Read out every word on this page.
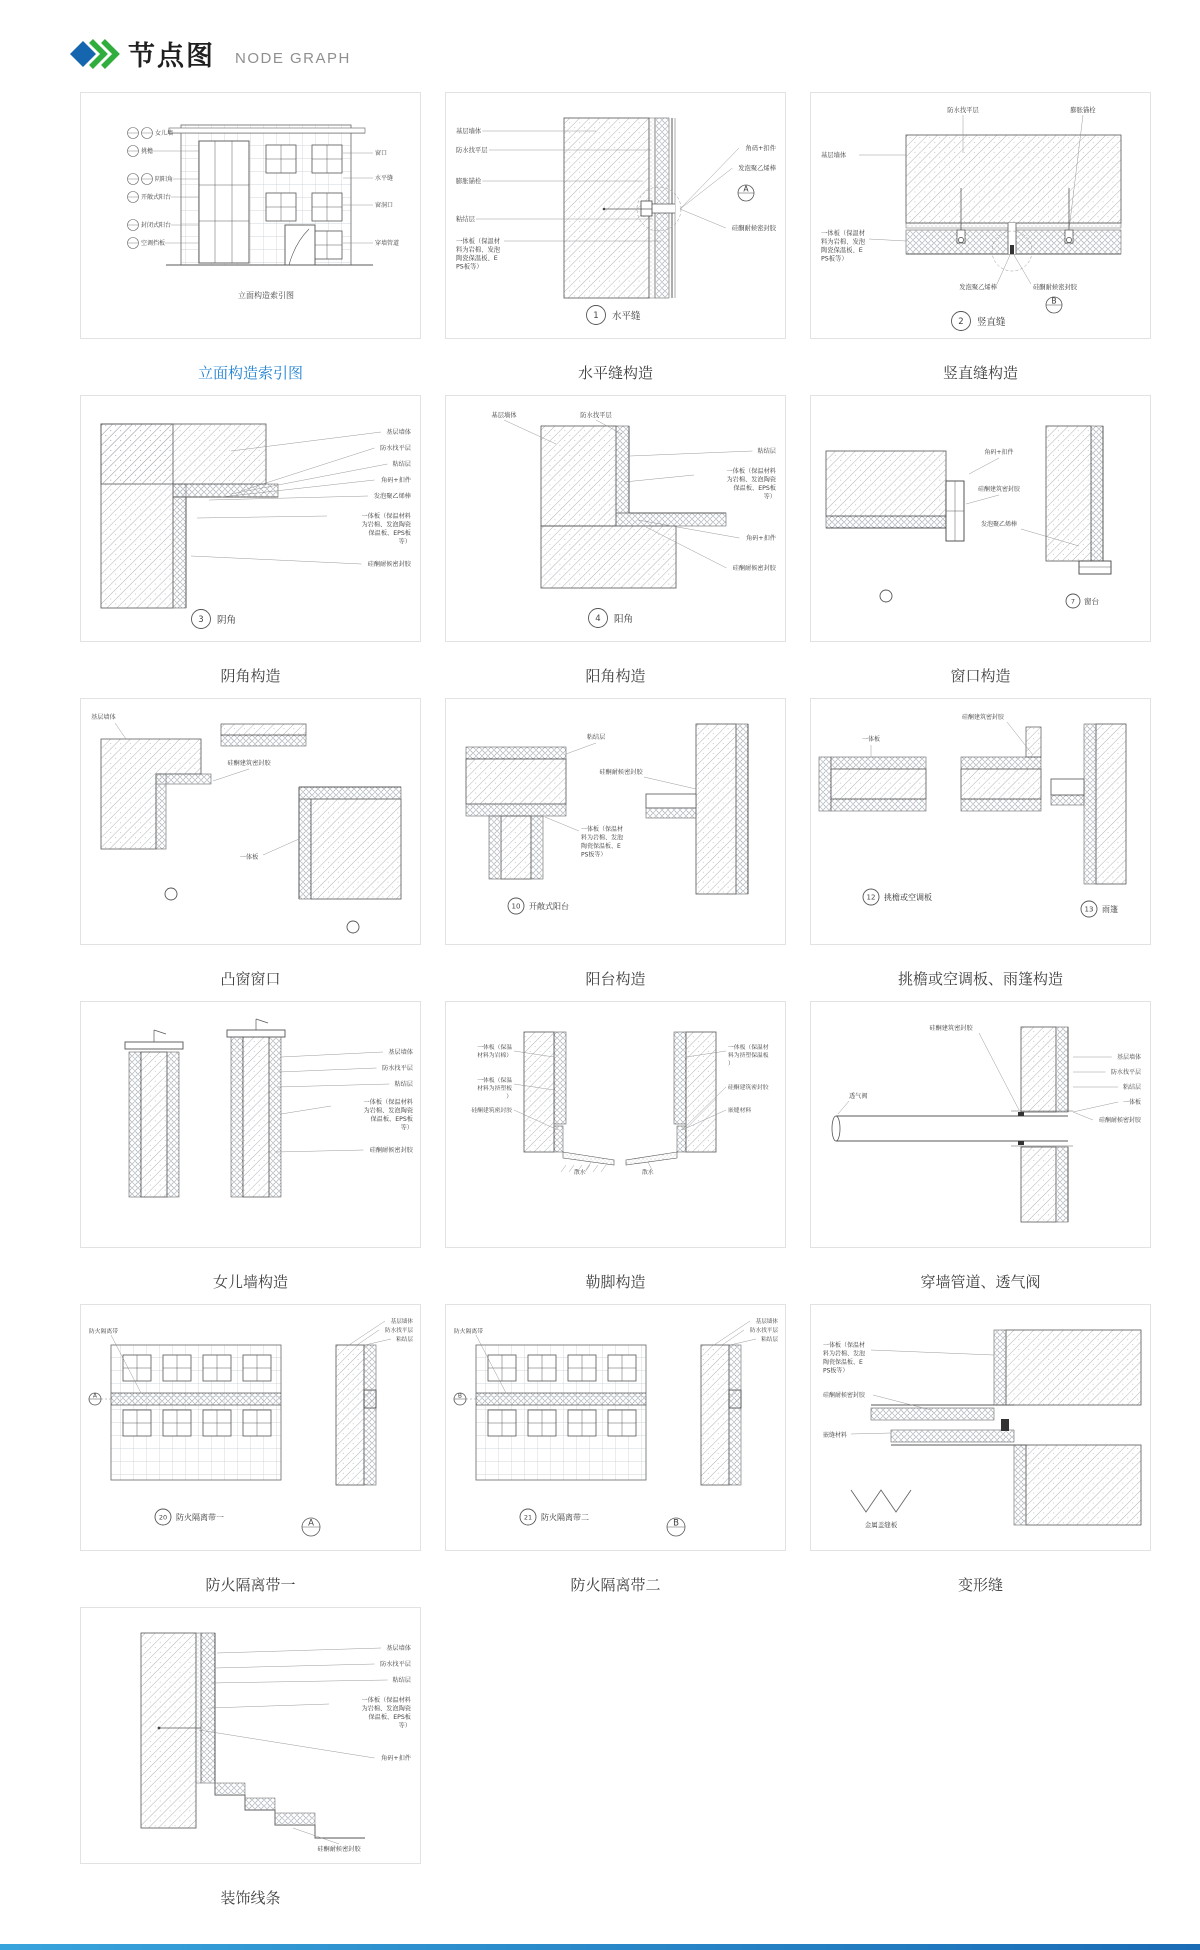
节点图 NODE GRAPH
女儿墙
挑檐
阴阳角
开敞式阳台
封闭式阳台
空调挡板
窗口
水平缝
窗洞口
穿墙管道
立面构造索引图
立面构造索引图
基层墙体
防水找平层
膨胀锚栓
粘结层
一体板（保温材
料为岩棉、发泡
陶瓷保温板、E
PS板等）
角码+扣件
发泡聚乙烯棒
硅酮耐候密封胶
A
1 水平缝
水平缝构造
防水找平层	膨胀锚栓
基层墙体
一体板（保温材
料为岩棉、发泡
陶瓷保温板、E
PS板等）
发泡聚乙烯棒	硅酮耐候密封胶
B
2 竖直缝
竖直缝构造
基层墙体
防水找平层
粘结层
角码+扣件
发泡聚乙烯棒
一体板（保温材料
为岩棉、发泡陶瓷
保温板、EPS板
等）
硅酮耐候密封胶
3 阴角
阴角构造
基层墙体	防水找平层
粘结层
一体板（保温材料
为岩棉、发泡陶瓷
保温板、EPS板
等）
角码+扣件
硅酮耐候密封胶
4 阳角
阳角构造
角码+扣件
硅酮建筑密封胶
发泡聚乙烯棒
7 窗台
窗口构造
基层墙体
硅酮建筑密封胶
一体板
凸窗窗口
粘结层
一体板（保温材
料为岩棉、发泡
陶瓷保温板、E
PS板等）
硅酮耐候密封胶
10 开敞式阳台
阳台构造
硅酮建筑密封胶
一体板
12 挑檐或空调板
13 雨篷
挑檐或空调板、雨篷构造
基层墙体
防水找平层
粘结层
一体板（保温材料
为岩棉、发泡陶瓷
保温板、EPS板
等）
硅酮耐候密封胶
女儿墙构造
一体板（保温
材料为岩棉）
一体板（保温
材料为挤塑板
）
硅酮建筑密封胶
散水
一体板（保温材
料为挤塑保温板
）
硅酮建筑密封胶
嵌缝材料
散水
勒脚构造
硅酮建筑密封胶
透气阀
基层墙体
防水找平层
粘结层
一体板
硅酮耐候密封胶
穿墙管道、透气阀
A
防火隔离带
基层墙体
防水找平层
粘结层
20 防火隔离带一
A
防火隔离带一
B
防火隔离带
基层墙体
防水找平层
粘结层
21 防火隔离带二
B
防火隔离带二
一体板（保温材
料为岩棉、发泡
陶瓷保温板、E
PS板等）
硅酮耐候密封胶
嵌缝材料
金属盖缝板
变形缝
基层墙体
防水找平层
粘结层
一体板（保温材料
为岩棉、发泡陶瓷
保温板、EPS板
等）
角码+扣件
硅酮耐候密封胶
装饰线条
